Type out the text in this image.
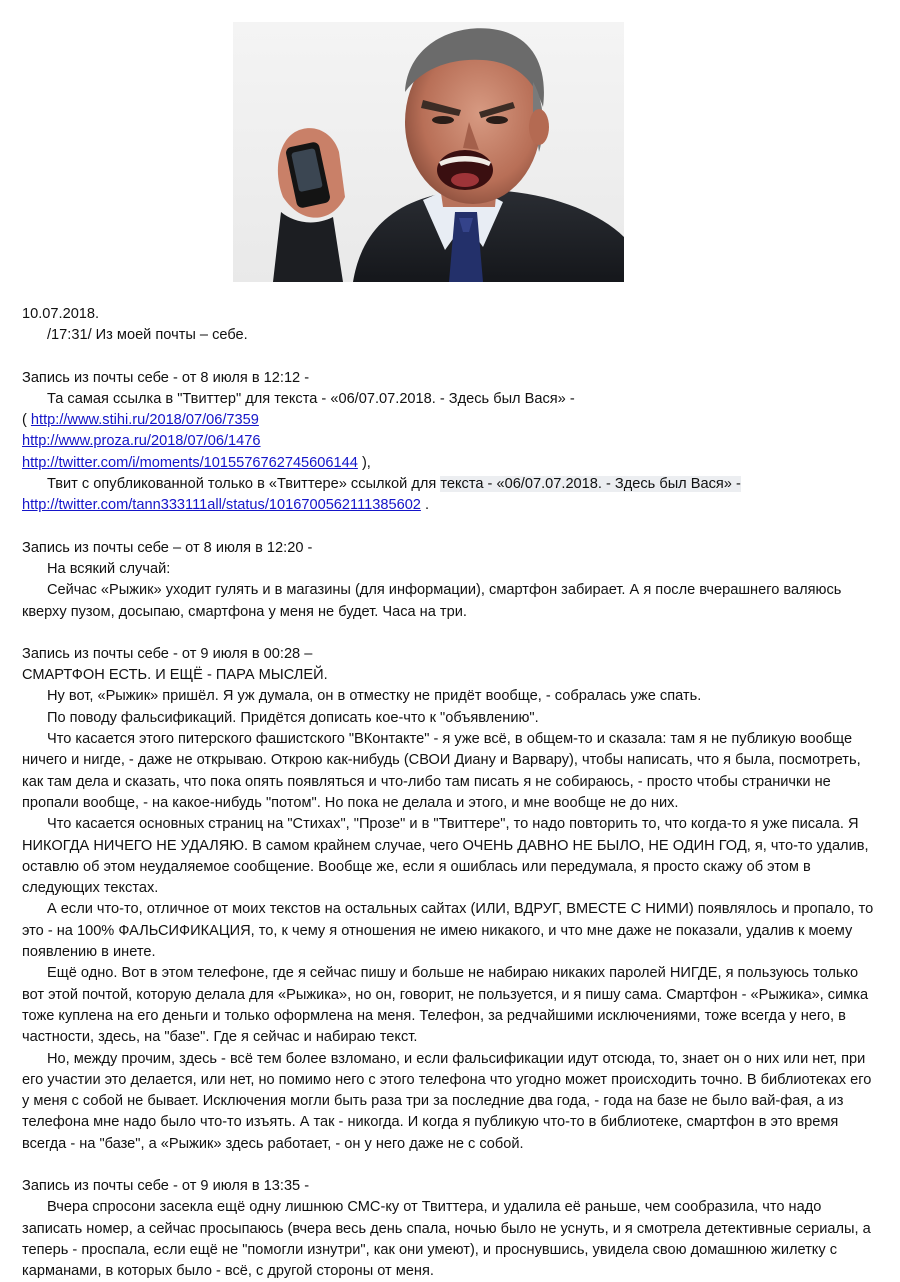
10.07.2018.
/17:31/ Из моей почты – себе.
Запись из почты себе - от 8 июля в 12:12 -
Та самая ссылка в "Твиттер" для текста - «06/07.07.2018. - Здесь был Вася» -
( http://www.stihi.ru/2018/07/06/7359
http://www.proza.ru/2018/07/06/1476
http://twitter.com/i/moments/1015576762745606144 ),
Твит с опубликованной только в «Твиттере» ссылкой для текста - «06/07.07.2018. - Здесь был Вася» -
http://twitter.com/tann333111all/status/1016700562111385602 .
Запись из почты себе – от 8 июля в 12:20 -
На всякий случай:
Сейчас «Рыжик» уходит гулять и в магазины (для информации), смартфон забирает. А я после вчерашнего валяюсь кверху пузом, досыпаю, смартфона у меня не будет. Часа на три.
Запись из почты себе - от 9 июля в 00:28 –
СМАРТФОН ЕСТЬ. И ЕЩЁ - ПАРА МЫСЛЕЙ.
Ну вот, «Рыжик» пришёл. Я уж думала, он в отместку не придёт вообще, - собралась уже спать.
По поводу фальсификаций. Придётся дописать кое-что к "объявлению".
Что касается этого питерского фашистского "ВКонтакте" - я уже всё, в общем-то и сказала: там я не публикую вообще ничего и нигде, - даже не открываю. Открою как-нибудь (СВОИ Диану и Варвару), чтобы написать, что я была, посмотреть, как там дела и сказать, что пока опять появляться и что-либо там писать я не собираюсь, - просто чтобы странички не пропали вообще, - на какое-нибудь "потом". Но пока не делала и этого, и мне вообще не до них.
Что касается основных страниц на "Стихах", "Прозе" и в "Твиттере", то надо повторить то, что когда-то я уже писала. Я НИКОГДА НИЧЕГО НЕ УДАЛЯЮ. В самом крайнем случае, чего ОЧЕНЬ ДАВНО НЕ БЫЛО, НЕ ОДИН ГОД, я, что-то удалив, оставлю об этом неудаляемое сообщение. Вообще же, если я ошиблась или передумала, я просто скажу об этом в следующих текстах.
А если что-то, отличное от моих текстов на остальных сайтах (ИЛИ, ВДРУГ, ВМЕСТЕ С НИМИ) появлялось и пропало, то это - на 100% ФАЛЬСИФИКАЦИЯ, то, к чему я отношения не имею никакого, и что мне даже не показали, удалив к моему появлению в инете.
Ещё одно. Вот в этом телефоне, где я сейчас пишу и больше не набираю никаких паролей НИГДЕ, я пользуюсь только вот этой почтой, которую делала для «Рыжика», но он, говорит, не пользуется, и я пишу сама. Смартфон - «Рыжика», симка тоже куплена на его деньги и только оформлена на меня. Телефон, за редчайшими исключениями, тоже всегда у него, в частности, здесь, на "базе". Где я сейчас и набираю текст.
Но, между прочим, здесь - всё тем более взломано, и если фальсификации идут отсюда, то, знает он о них или нет, при его участии это делается, или нет, но помимо него с этого телефона что угодно может происходить точно. В библиотеках его у меня с собой не бывает. Исключения могли быть раза три за последние два года, - года на базе не было вай-фая, а из телефона мне надо было что-то изъять. А так - никогда. И когда я публикую что-то в библиотеке, смартфон в это время всегда - на "базе", а «Рыжик» здесь работает, - он у него даже не с собой.
Запись из почты себе - от 9 июля в 13:35 -
Вчера спросони засекла ещё одну лишнюю СМС-ку от Твиттера, и удалила её раньше, чем сообразила, что надо записать номер, а сейчас просыпаюсь (вчера весь день спала, ночью было не уснуть, и я смотрела детективные сериалы, а теперь - проспала, если ещё не "помогли изнутри", как они умеют), и проснувшись, увидела свою домашнюю жилетку с карманами, в которых было - всё, с другой стороны от меня.
